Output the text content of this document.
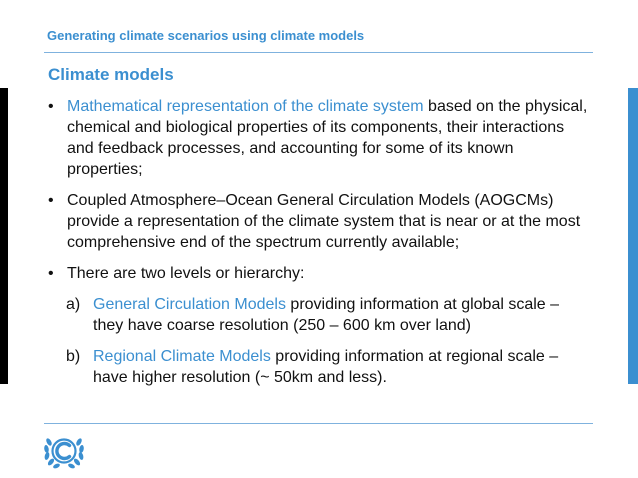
Generating climate scenarios using climate models
Climate models
• Mathematical representation of the climate system based on the physical, chemical and biological properties of its components, their interactions and feedback processes, and accounting for some of its known properties;
• Coupled Atmosphere–Ocean General Circulation Models (AOGCMs) provide a representation of the climate system that is near or at the most comprehensive end of the spectrum currently available;
• There are two levels or hierarchy:
a) General Circulation Models providing information at global scale – they have coarse resolution (250 – 600 km over land)
b) Regional Climate Models providing information at regional scale – have higher resolution (~ 50km and less).
